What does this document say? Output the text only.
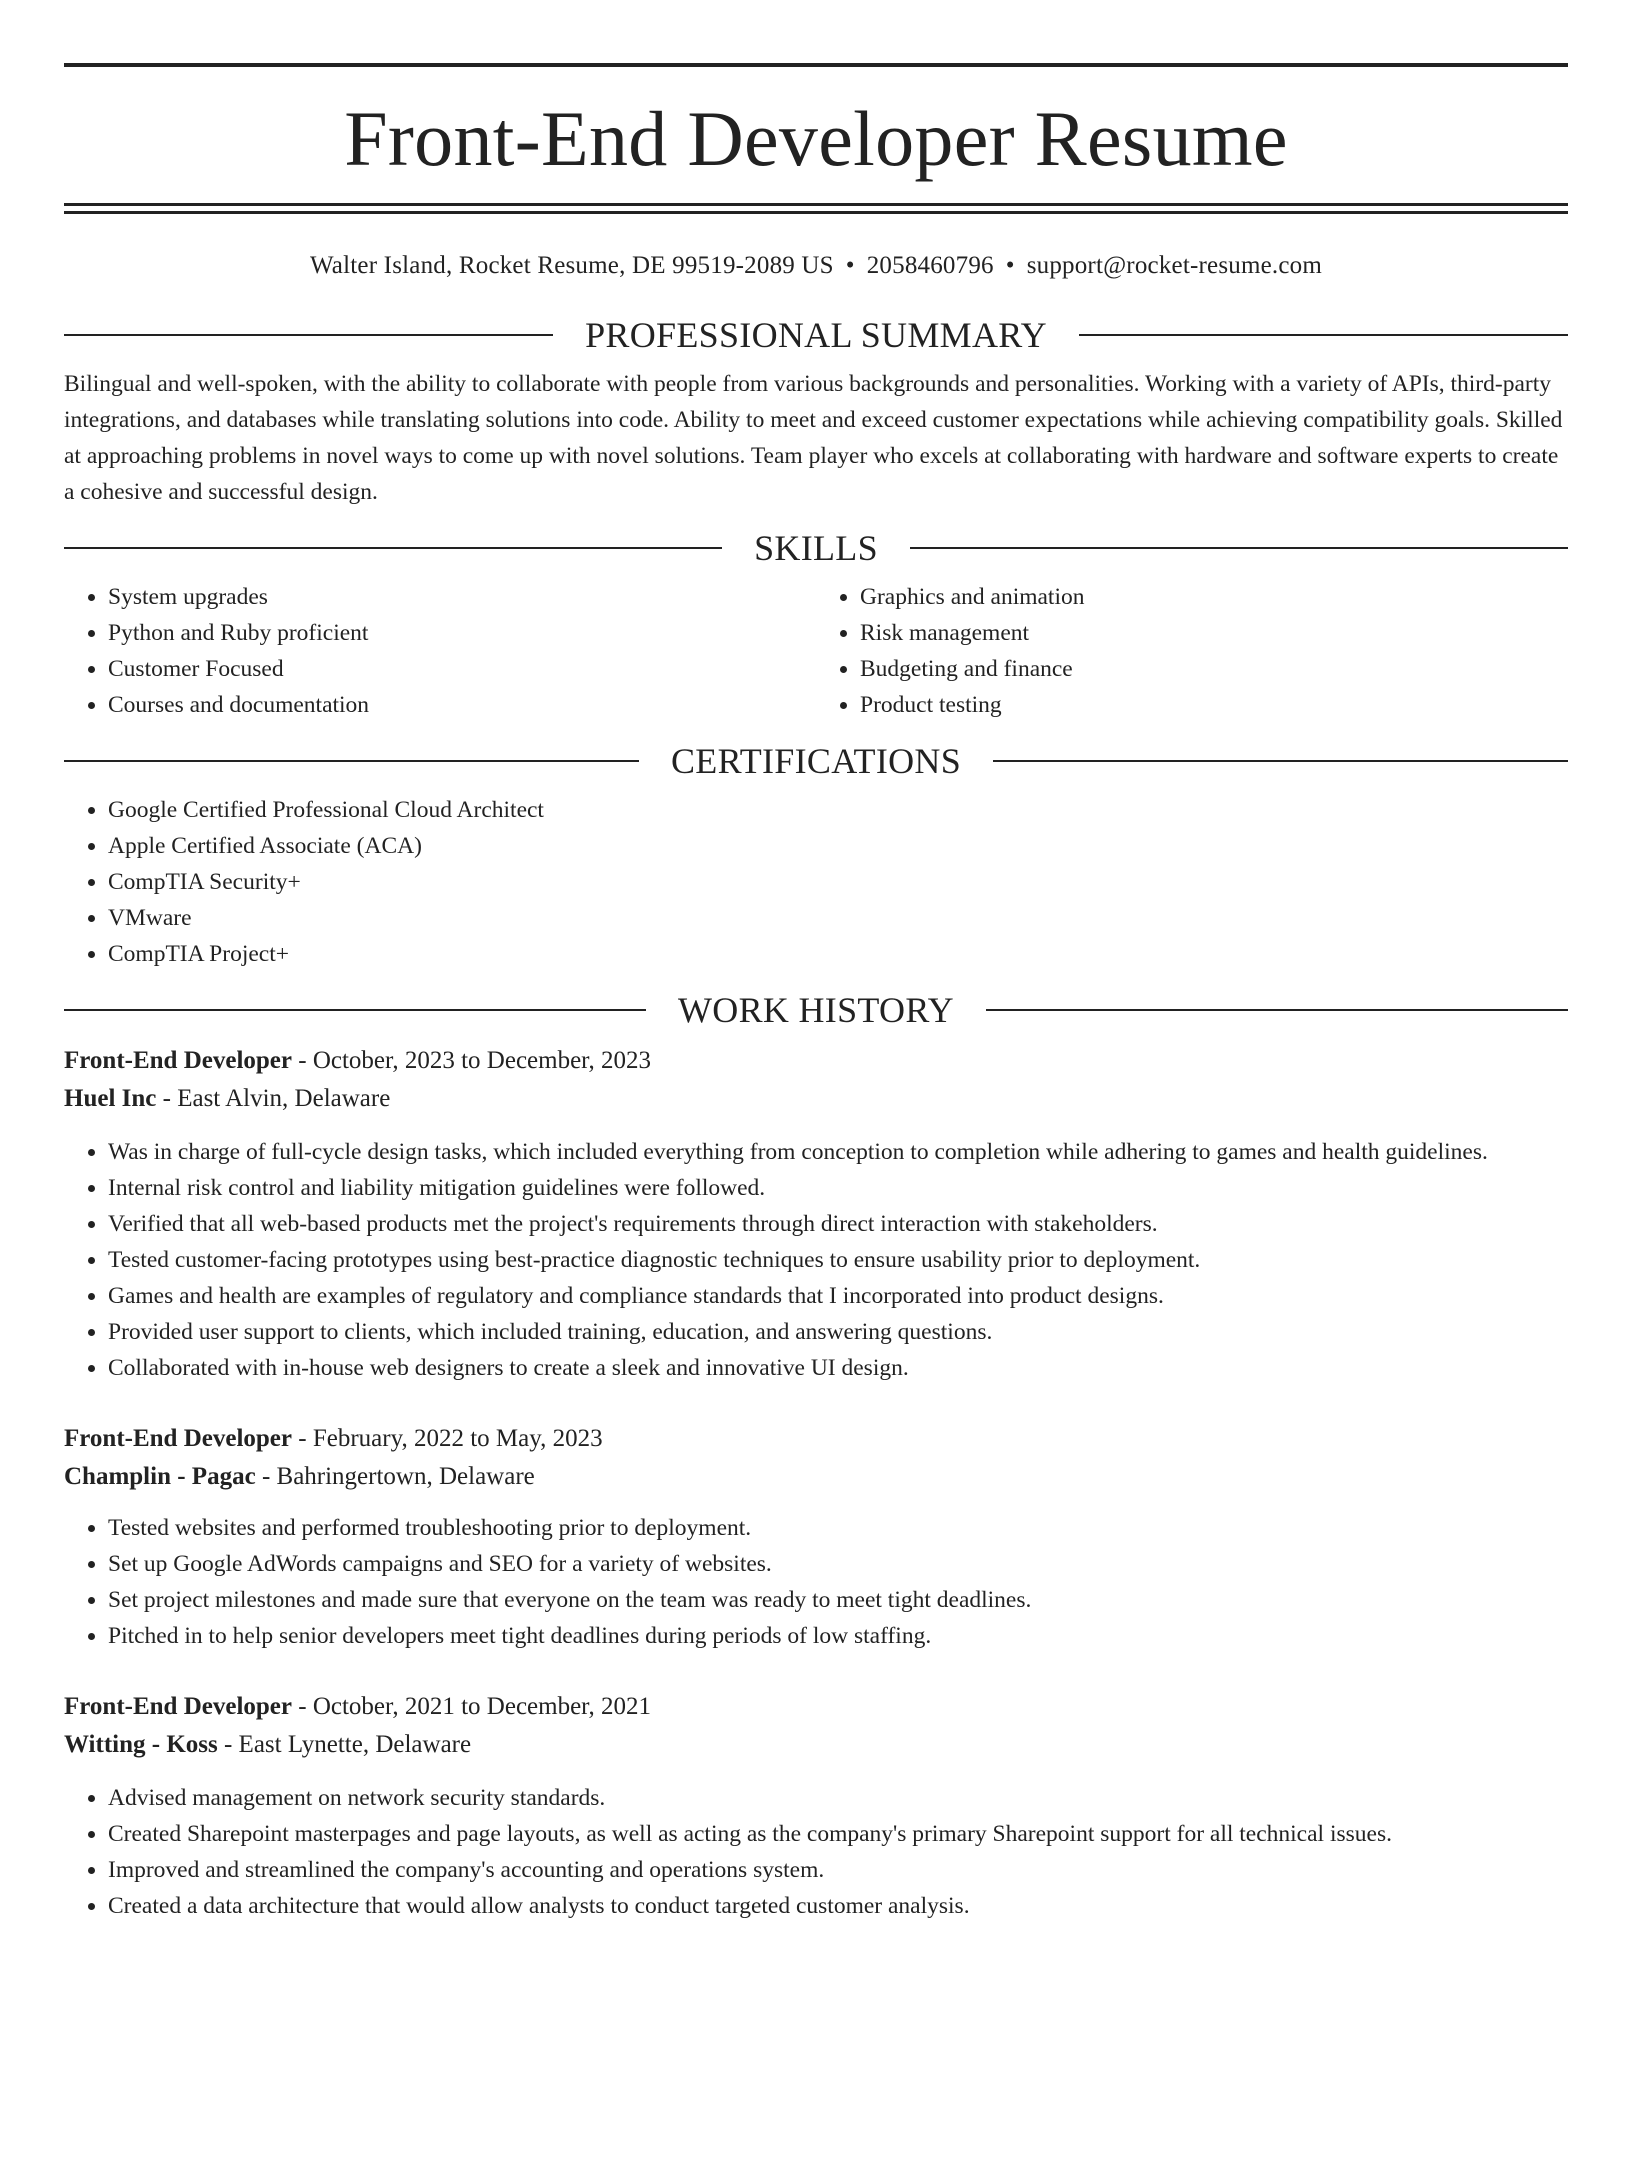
Front-End Developer Resume
Walter Island, Rocket Resume, DE 99519-2089 US • 2058460796 • support@rocket-resume.com
PROFESSIONAL SUMMARY

Bilingual and well-spoken, with the ability to collaborate with people from various backgrounds and personalities. Working with a variety of APIs, third-party integrations, and databases while translating solutions into code. Ability to meet and exceed customer expectations while achieving compatibility goals. Skilled at approaching problems in novel ways to come up with novel solutions. Team player who excels at collaborating with hardware and software experts to create a cohesive and successful design.

SKILLS
• System upgrades
• Python and Ruby proficient
• Customer Focused
• Courses and documentation
• Graphics and animation
• Risk management
• Budgeting and finance
• Product testing
CERTIFICATIONS
• Google Certified Professional Cloud Architect
• Apple Certified Associate (ACA)
• CompTIA Security+
• VMware
• CompTIA Project+
WORK HISTORY

Front-End Developer - October, 2023 to December, 2023

Huel Inc - East Alvin, Delaware

• Was in charge of full-cycle design tasks, which included everything from conception to completion while adhering to games and health guidelines.
• Internal risk control and liability mitigation guidelines were followed.
• Verified that all web-based products met the project's requirements through direct interaction with stakeholders.
• Tested customer-facing prototypes using best-practice diagnostic techniques to ensure usability prior to deployment.
• Games and health are examples of regulatory and compliance standards that I incorporated into product designs.
• Provided user support to clients, which included training, education, and answering questions.
• Collaborated with in-house web designers to create a sleek and innovative UI design.

Front-End Developer - February, 2022 to May, 2023

Champlin - Pagac - Bahringertown, Delaware

• Tested websites and performed troubleshooting prior to deployment.
• Set up Google AdWords campaigns and SEO for a variety of websites.
• Set project milestones and made sure that everyone on the team was ready to meet tight deadlines.
• Pitched in to help senior developers meet tight deadlines during periods of low staffing.

Front-End Developer - October, 2021 to December, 2021

Witting - Koss - East Lynette, Delaware

• Advised management on network security standards.
• Created Sharepoint masterpages and page layouts, as well as acting as the company's primary Sharepoint support for all technical issues.
• Improved and streamlined the company's accounting and operations system.
• Created a data architecture that would allow analysts to conduct targeted customer analysis.
